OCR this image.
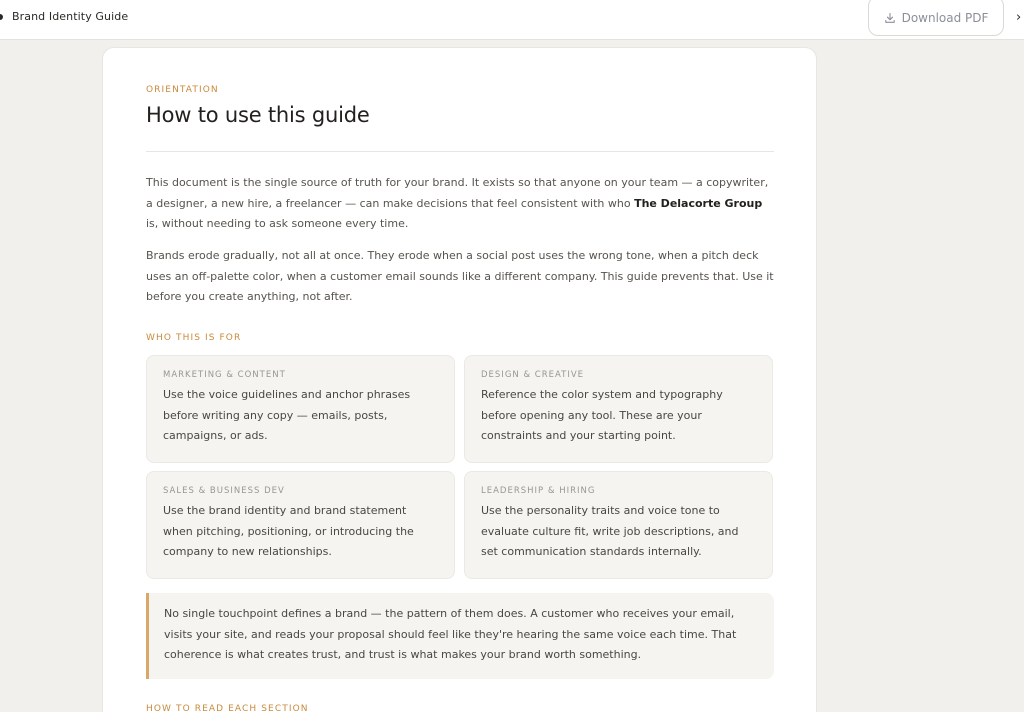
Brand Identity Guide	Download PDF ›
ORIENTATION
How to use this guide

This document is the single source of truth for your brand. It exists so that anyone on your team — a copywriter, a designer, a new hire, a freelancer — can make decisions that feel consistent with who The Delacorte Group is, without needing to ask someone every time.

Brands erode gradually, not all at once. They erode when a social post uses the wrong tone, when a pitch deck uses an off-palette color, when a customer email sounds like a different company. This guide prevents that. Use it before you create anything, not after.

WHO THIS IS FOR
MARKETING & CONTENT
Use the voice guidelines and anchor phrases before writing any copy — emails, posts, campaigns, or ads.
DESIGN & CREATIVE
Reference the color system and typography before opening any tool. These are your constraints and your starting point.
SALES & BUSINESS DEV
Use the brand identity and brand statement when pitching, positioning, or introducing the company to new relationships.
LEADERSHIP & HIRING
Use the personality traits and voice tone to evaluate culture fit, write job descriptions, and set communication standards internally.
No single touchpoint defines a brand — the pattern of them does. A customer who receives your email, visits your site, and reads your proposal should feel like they're hearing the same voice each time. That coherence is what creates trust, and trust is what makes your brand worth something.
HOW TO READ EACH SECTION
